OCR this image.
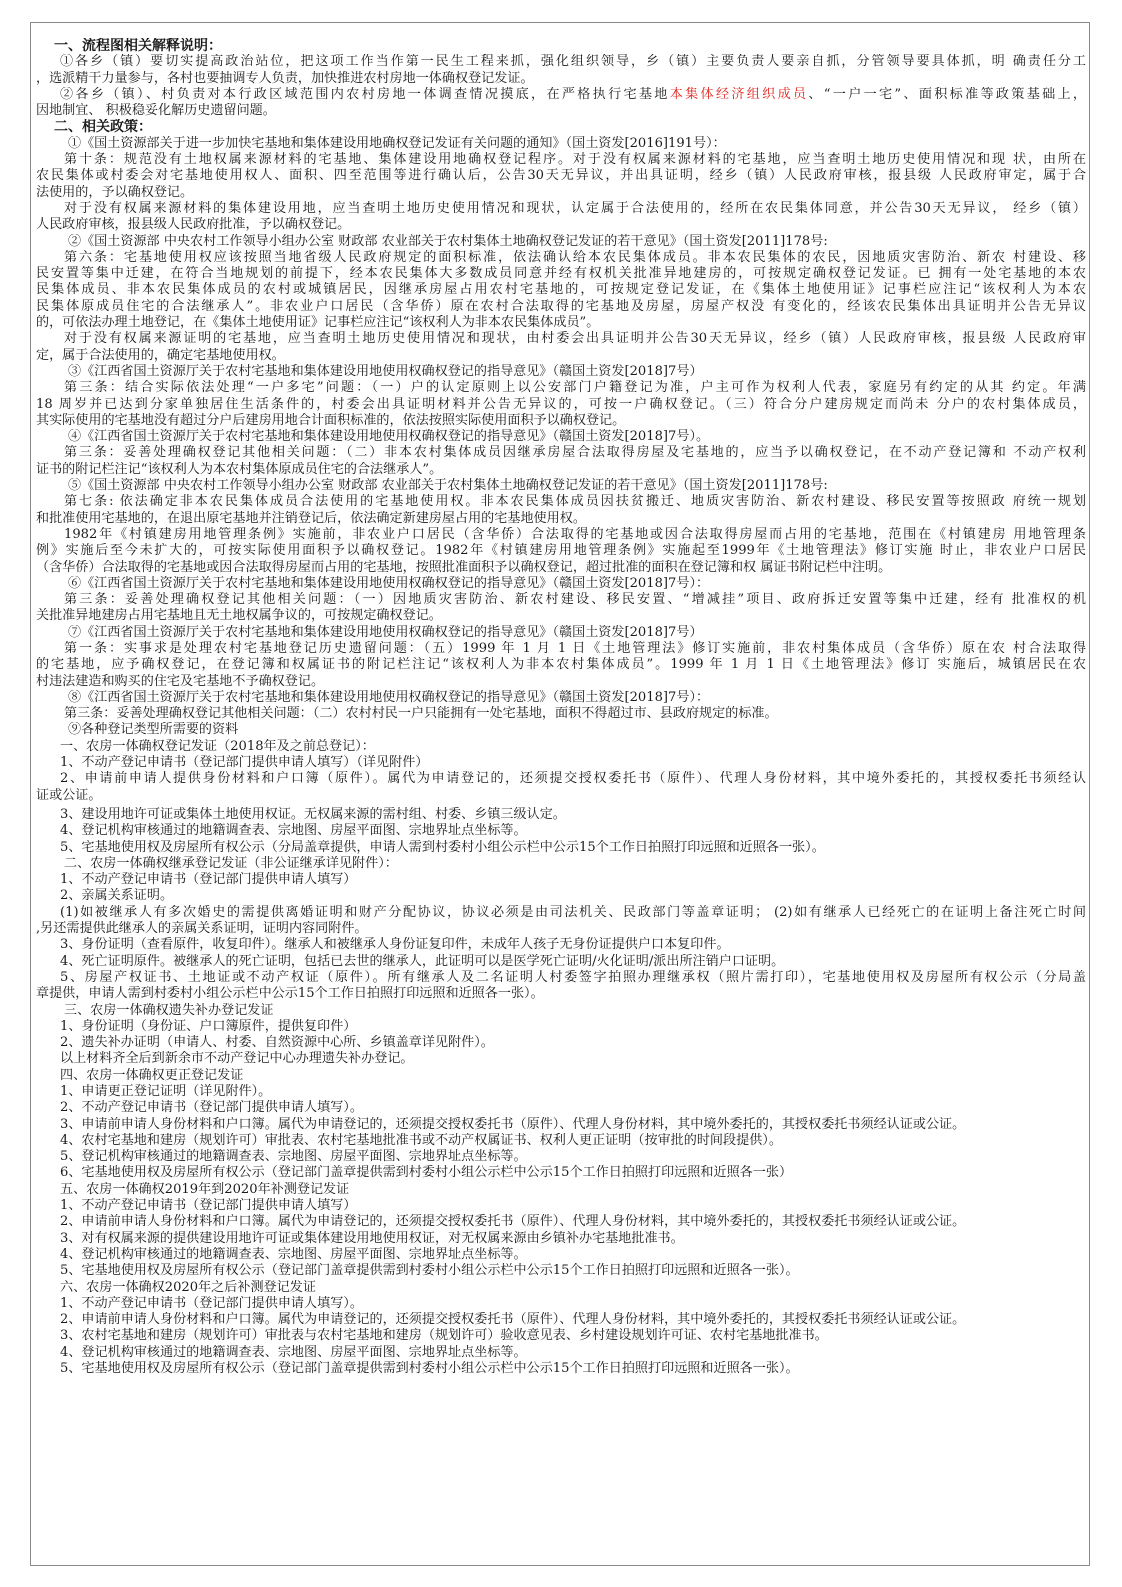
一、流程图相关解释说明：
①各乡（镇）要切实提高政治站位，把这项工作当作第一民生工程来抓，强化组织领导，乡（镇）主要负责人要亲自抓，分管领导要具体抓，明 确责任分工
，选派精干力量参与，各村也要抽调专人负责，加快推进农村房地一体确权登记发证。
②各乡（镇）、村负责对本行政区域范围内农村房地一体调查情况摸底，在严格执行宅基地本集体经济组织成员、“一户一宅”、面积标准等政策基础上，
因地制宜、 积极稳妥化解历史遗留问题。
二、相关政策：
①《国土资源部关于进一步加快宅基地和集体建设用地确权登记发证有关问题的通知》（国土资发[2016]191号）：
第十条：规范没有土地权属来源材料的宅基地、集体建设用地确权登记程序。对于没有权属来源材料的宅基地，应当查明土地历史使用情况和现 状，由所在
农民集体或村委会对宅基地使用权人、面积、四至范围等进行确认后，公告30天无异议，并出具证明，经乡（镇）人民政府审核，报县级 人民政府审定，属于合
法使用的，予以确权登记。
对于没有权属来源材料的集体建设用地，应当查明土地历史使用情况和现状，认定属于合法使用的，经所在农民集体同意，并公告30天无异议， 经乡（镇）
人民政府审核，报县级人民政府批准，予以确权登记。
②《国土资源部 中央农村工作领导小组办公室 财政部 农业部关于农村集体土地确权登记发证的若干意见》（国土资发[2011]178号:
第六条：宅基地使用权应该按照当地省级人民政府规定的面积标准，依法确认给本农民集体成员。非本农民集体的农民，因地质灾害防治、新农 村建设、移
民安置等集中迁建，在符合当地规划的前提下，经本农民集体大多数成员同意并经有权机关批准异地建房的，可按规定确权登记发证。已 拥有一处宅基地的本农
民集体成员、非本农民集体成员的农村或城镇居民，因继承房屋占用农村宅基地的，可按规定登记发证，在《集体土地使用证》记事栏应注记“该权利人为本农
民集体原成员住宅的合法继承人”。非农业户口居民（含华侨）原在农村合法取得的宅基地及房屋，房屋产权没 有变化的，经该农民集体出具证明并公告无异议
的，可依法办理土地登记，在《集体土地使用证》记事栏应注记“该权利人为非本农民集体成员”。
对于没有权属来源证明的宅基地，应当查明土地历史使用情况和现状，由村委会出具证明并公告30天无异议，经乡（镇）人民政府审核，报县级 人民政府审
定，属于合法使用的，确定宅基地使用权。
③《江西省国土资源厅关于农村宅基地和集体建设用地使用权确权登记的指导意见》（赣国土资发[2018]7号）
第三条：结合实际依法处理“一户多宅”问题：（一）户的认定原则上以公安部门户籍登记为准，户主可作为权利人代表，家庭另有约定的从其 约定。年满
18 周岁并已达到分家单独居住生活条件的，村委会出具证明材料并公告无异议的，可按一户确权登记。（三）符合分户建房规定而尚未 分户的农村集体成员，
其实际使用的宅基地没有超过分户后建房用地合计面积标准的，依法按照实际使用面积予以确权登记。
④《江西省国土资源厅关于农村宅基地和集体建设用地使用权确权登记的指导意见》（赣国土资发[2018]7号）。
第三条：妥善处理确权登记其他相关问题：（二）非本农村集体成员因继承房屋合法取得房屋及宅基地的，应当予以确权登记，在不动产登记簿和 不动产权利
证书的附记栏注记“该权利人为本农村集体原成员住宅的合法继承人”。
⑤《国土资源部 中央农村工作领导小组办公室 财政部 农业部关于农村集体土地确权登记发证的若干意见》（国土资发[2011]178号:
第七条: 依法确定非本农民集体成员合法使用的宅基地使用权。非本农民集体成员因扶贫搬迁、地质灾害防治、新农村建设、移民安置等按照政 府统一规划
和批准使用宅基地的，在退出原宅基地并注销登记后，依法确定新建房屋占用的宅基地使用权。
1982年《村镇建房用地管理条例》实施前，非农业户口居民（含华侨）合法取得的宅基地或因合法取得房屋而占用的宅基地，范围在《村镇建房 用地管理条
例》实施后至今未扩大的，可按实际使用面积予以确权登记。1982年《村镇建房用地管理条例》实施起至1999年《土地管理法》修订实施 时止，非农业户口居民
（含华侨）合法取得的宅基地或因合法取得房屋而占用的宅基地，按照批准面积予以确权登记，超过批准的面积在登记簿和权 属证书附记栏中注明。
⑥《江西省国土资源厅关于农村宅基地和集体建设用地使用权确权登记的指导意见》（赣国土资发[2018]7号）：
第三条：妥善处理确权登记其他相关问题：（一）因地质灾害防治、新农村建设、移民安置、“增减挂”项目、政府拆迁安置等集中迁建，经有 批准权的机
关批准异地建房占用宅基地且无土地权属争议的，可按规定确权登记。
⑦《江西省国土资源厅关于农村宅基地和集体建设用地使用权确权登记的指导意见》（赣国土资发[2018]7号）
第一条：实事求是处理农村宅基地登记历史遗留问题：（五）1999 年 1 月 1 日《土地管理法》修订实施前，非农村集体成员（含华侨）原在农 村合法取得
的宅基地，应予确权登记，在登记簿和权属证书的附记栏注记“该权利人为非本农村集体成员”。1999 年 1 月 1 日《土地管理法》修订 实施后，城镇居民在农
村违法建造和购买的住宅及宅基地不予确权登记。
⑧《江西省国土资源厅关于农村宅基地和集体建设用地使用权确权登记的指导意见》（赣国土资发[2018]7号）：
第三条：妥善处理确权登记其他相关问题：（二）农村村民一户只能拥有一处宅基地，面积不得超过市、县政府规定的标准。
⑨各种登记类型所需要的资料
一、农房一体确权登记发证（2018年及之前总登记）：
1、不动产登记申请书（登记部门提供申请人填写）（详见附件）
2、申请前申请人提供身份材料和户口簿（原件）。属代为申请登记的，还须提交授权委托书（原件）、代理人身份材料，其中境外委托的，其授权委托书须经认
证或公证。
3、建设用地许可证或集体土地使用权证。无权属来源的需村组、村委、乡镇三级认定。
4、登记机构审核通过的地籍调查表、宗地图、房屋平面图、宗地界址点坐标等。
5、宅基地使用权及房屋所有权公示（分局盖章提供，申请人需到村委村小组公示栏中公示15个工作日拍照打印远照和近照各一张）。
二、农房一体确权继承登记发证（非公证继承详见附件）：
1、不动产登记申请书（登记部门提供申请人填写）
2、亲属关系证明。
(1)如被继承人有多次婚史的需提供离婚证明和财产分配协议，协议必须是由司法机关、民政部门等盖章证明； (2)如有继承人已经死亡的在证明上备注死亡时间
,另还需提供此继承人的亲属关系证明，证明内容同附件。
3、身份证明（查看原件，收复印件）。继承人和被继承人身份证复印件，未成年人孩子无身份证提供户口本复印件。
4、死亡证明原件。被继承人的死亡证明，包括已去世的继承人，此证明可以是医学死亡证明/火化证明/派出所注销户口证明。
5、房屋产权证书、土地证或不动产权证（原件）。所有继承人及二名证明人村委签字拍照办理继承权（照片需打印），宅基地使用权及房屋所有权公示（分局盖
章提供，申请人需到村委村小组公示栏中公示15个工作日拍照打印远照和近照各一张）。
三、农房一体确权遗失补办登记发证
1、身份证明（身份证、户口簿原件，提供复印件）
2、遗失补办证明（申请人、村委、自然资源中心所、乡镇盖章详见附件）。
以上材料齐全后到新余市不动产登记中心办理遗失补办登记。
四、农房一体确权更正登记发证
1、申请更正登记证明（详见附件）。
2、不动产登记申请书（登记部门提供申请人填写）。
3、申请前申请人身份材料和户口簿。属代为申请登记的，还须提交授权委托书（原件）、代理人身份材料，其中境外委托的，其授权委托书须经认证或公证。
4、农村宅基地和建房（规划许可）审批表、农村宅基地批准书或不动产权属证书、权利人更正证明（按审批的时间段提供）。
5、登记机构审核通过的地籍调查表、宗地图、房屋平面图、宗地界址点坐标等。
6、宅基地使用权及房屋所有权公示（登记部门盖章提供需到村委村小组公示栏中公示15个工作日拍照打印远照和近照各一张）
五、农房一体确权2019年到2020年补测登记发证
1、不动产登记申请书（登记部门提供申请人填写）
2、申请前申请人身份材料和户口簿。属代为申请登记的，还须提交授权委托书（原件）、代理人身份材料，其中境外委托的，其授权委托书须经认证或公证。
3、对有权属来源的提供建设用地许可证或集体建设用地使用权证，对无权属来源由乡镇补办宅基地批准书。
4、登记机构审核通过的地籍调查表、宗地图、房屋平面图、宗地界址点坐标等。
5、宅基地使用权及房屋所有权公示（登记部门盖章提供需到村委村小组公示栏中公示15个工作日拍照打印远照和近照各一张）。
六、农房一体确权2020年之后补测登记发证
1、不动产登记申请书（登记部门提供申请人填写）。
2、申请前申请人身份材料和户口簿。属代为申请登记的，还须提交授权委托书（原件）、代理人身份材料，其中境外委托的，其授权委托书须经认证或公证。
3、农村宅基地和建房（规划许可）审批表与农村宅基地和建房（规划许可）验收意见表、乡村建设规划许可证、农村宅基地批准书。
4、登记机构审核通过的地籍调查表、宗地图、房屋平面图、宗地界址点坐标等。
5、宅基地使用权及房屋所有权公示（登记部门盖章提供需到村委村小组公示栏中公示15个工作日拍照打印远照和近照各一张）。
